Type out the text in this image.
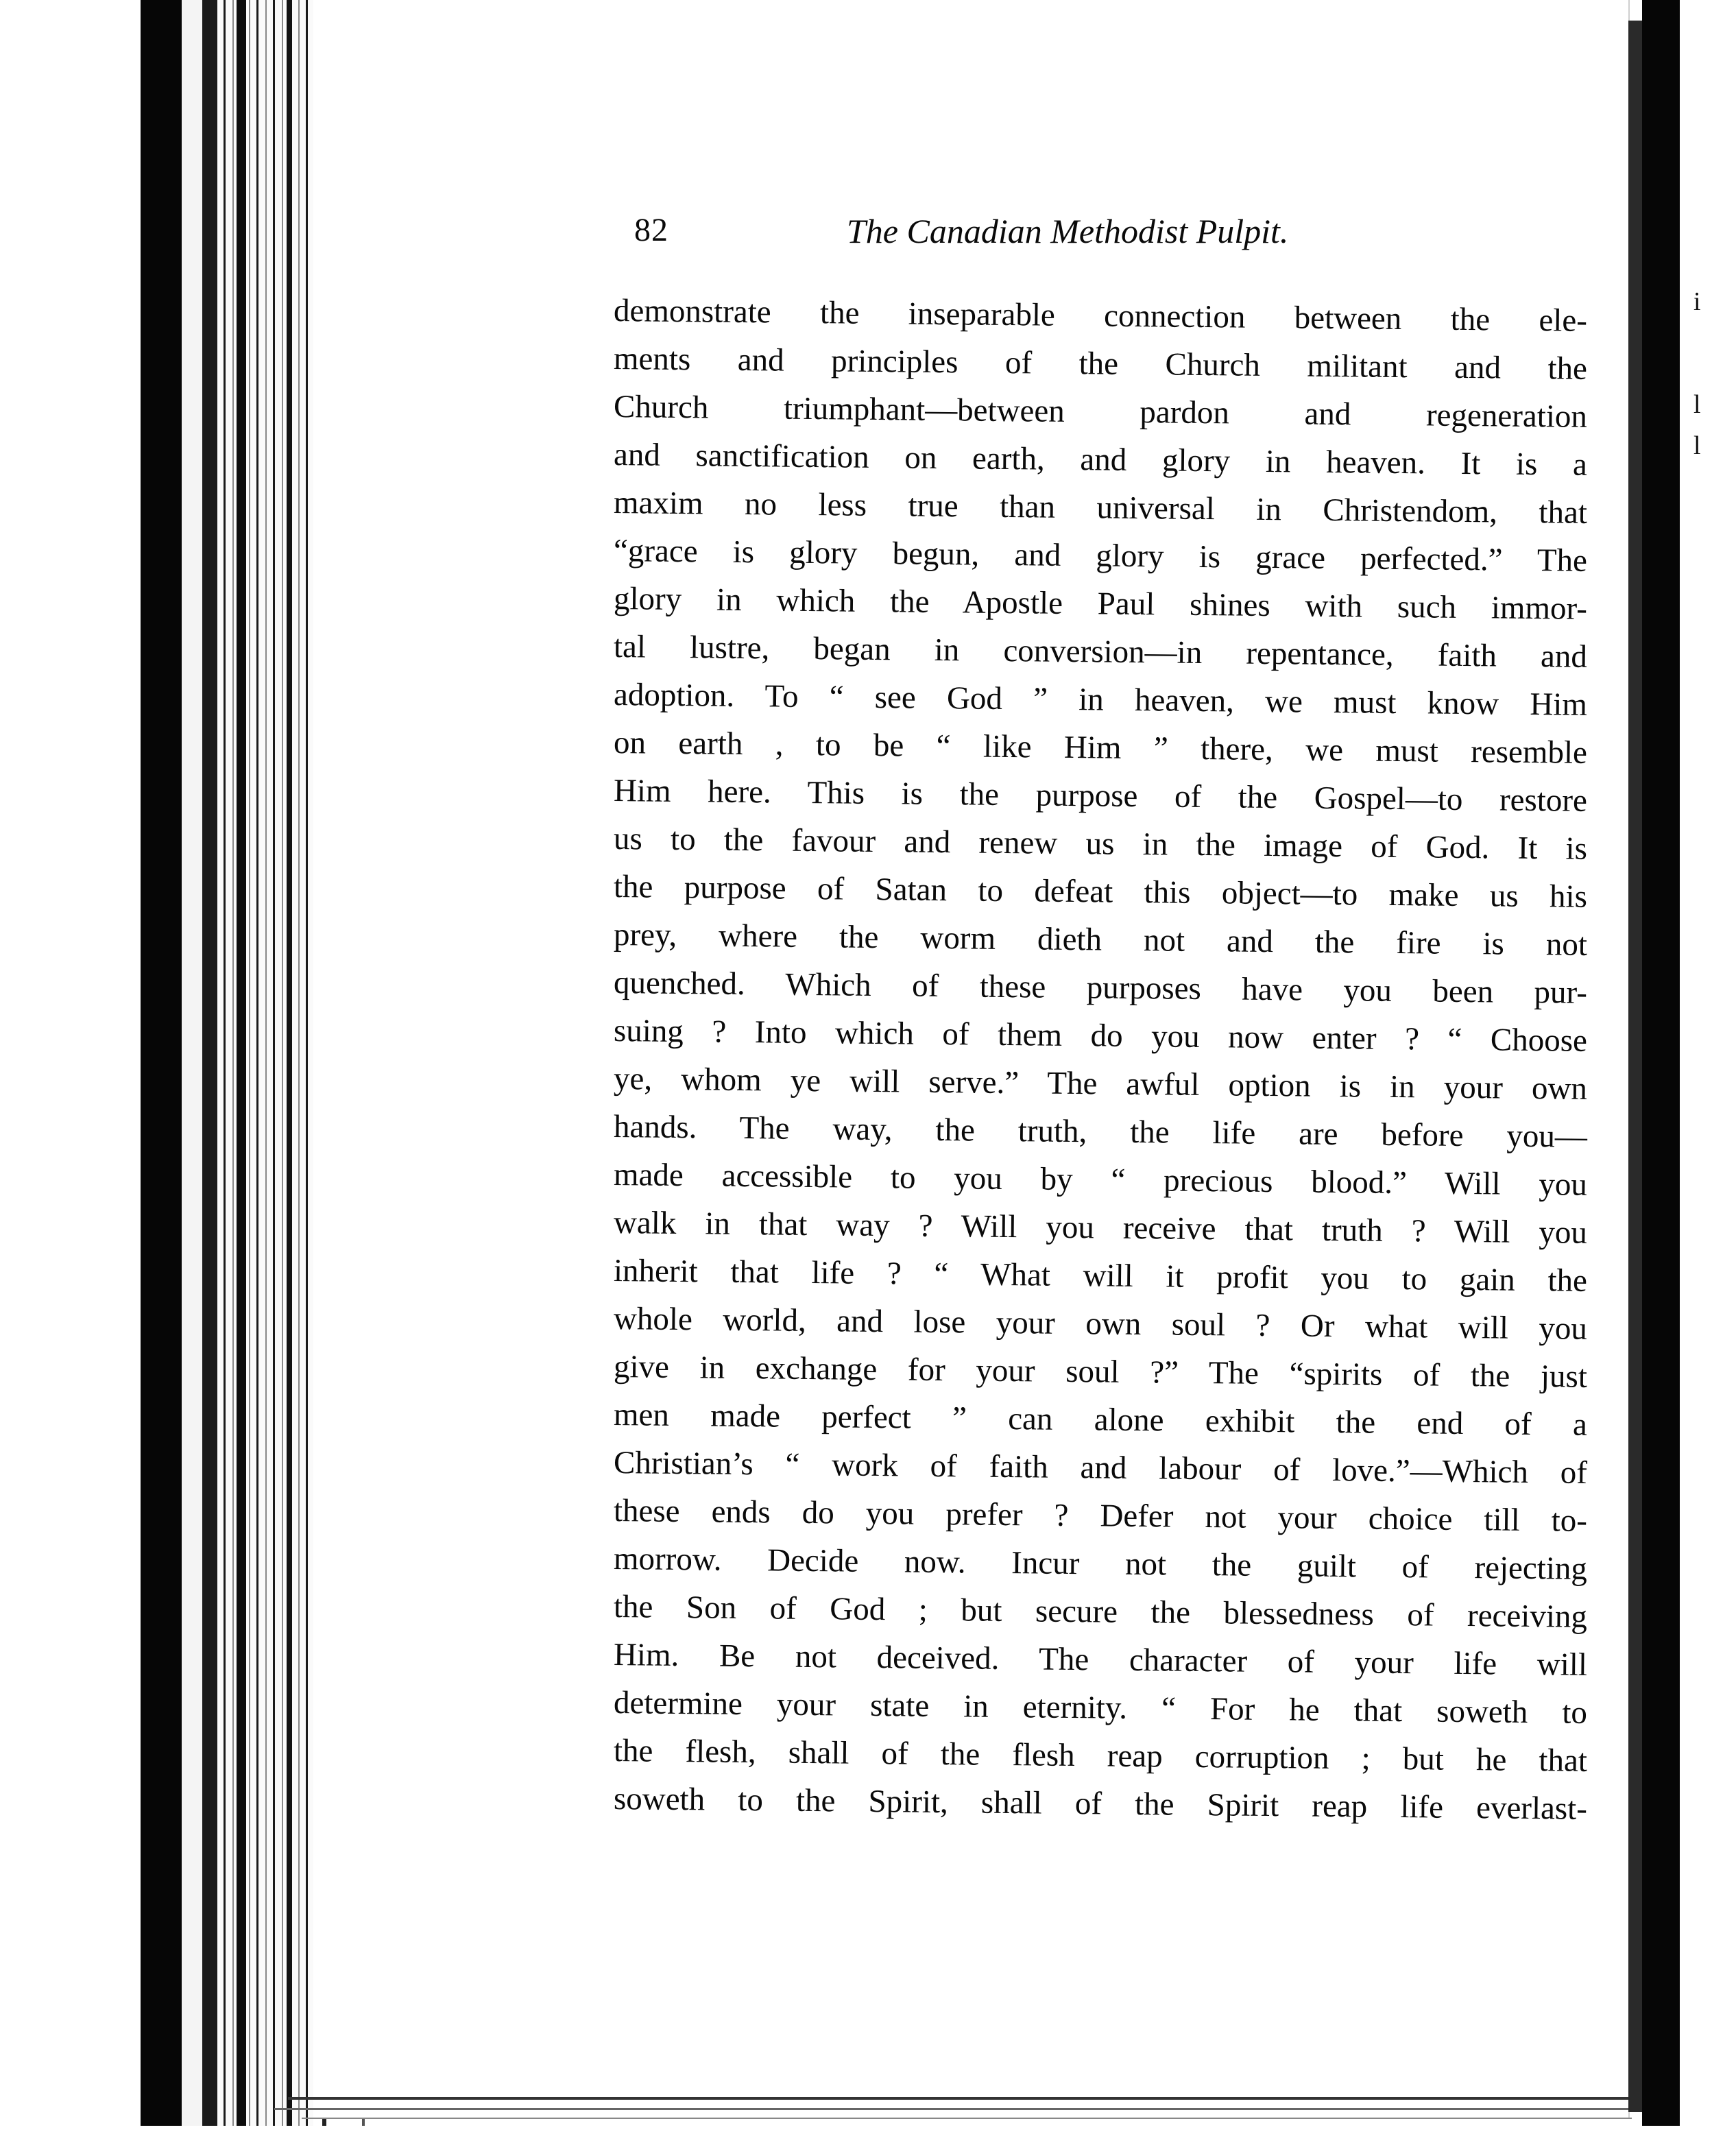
i
l
l
82	The Canadian Methodist Pulpit.
demonstrate the inseparable connection between the ele-
ments and principles of the Church militant and the
Church triumphant—between pardon and regeneration
and sanctification on earth, and glory in heaven. It is a
maxim no less true than universal in Christendom, that
“grace is glory begun, and glory is grace perfected.” The
glory in which the Apostle Paul shines with such immor-
tal lustre, began in conversion—in repentance, faith and
adoption. To “ see God ” in heaven, we must know Him
on earth , to be “ like Him ” there, we must resemble
Him here. This is the purpose of the Gospel—to restore
us to the favour and renew us in the image of God. It is
the purpose of Satan to defeat this object—to make us his
prey, where the worm dieth not and the fire is not
quenched. Which of these purposes have you been pur-
suing ? Into which of them do you now enter ? “ Choose
ye, whom ye will serve.” The awful option is in your own
hands. The way, the truth, the life are before you—
made accessible to you by “ precious blood.” Will you
walk in that way ? Will you receive that truth ? Will you
inherit that life ? “ What will it profit you to gain the
whole world, and lose your own soul ? Or what will you
give in exchange for your soul ?” The “spirits of the just
men made perfect ” can alone exhibit the end of a
Christian’s “ work of faith and labour of love.”—Which of
these ends do you prefer ? Defer not your choice till to-
morrow. Decide now. Incur not the guilt of rejecting
the Son of God ; but secure the blessedness of receiving
Him. Be not deceived. The character of your life will
determine your state in eternity. “ For he that soweth to
the flesh, shall of the flesh reap corruption ; but he that
soweth to the Spirit, shall of the Spirit reap life everlast-
